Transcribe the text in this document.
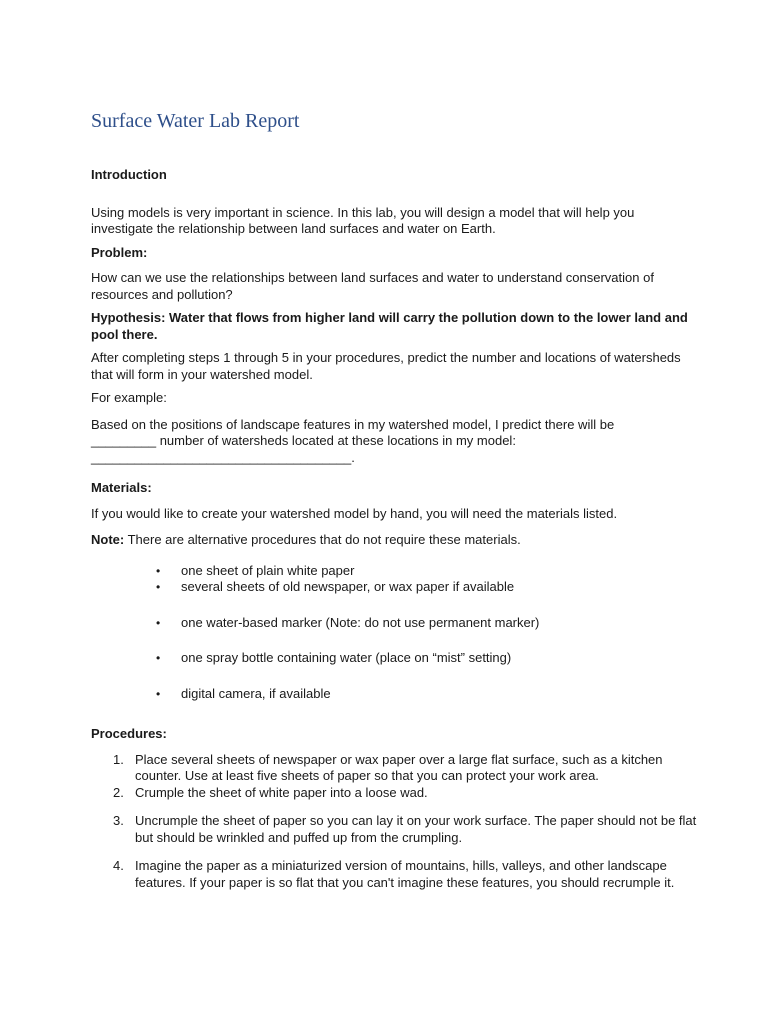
Surface Water Lab Report
Introduction

Using models is very important in science. In this lab, you will design a model that will help you investigate the relationship between land surfaces and water on Earth.

Problem:

How can we use the relationships between land surfaces and water to understand conservation of resources and pollution?

Hypothesis: Water that flows from higher land will carry the pollution down to the lower land and pool there.

After completing steps 1 through 5 in your procedures, predict the number and locations of watersheds that will form in your watershed model.

For example:

Based on the positions of landscape features in my watershed model, I predict there will be
_________ number of watersheds located at these locations in my model:
____________________________________.

Materials:

If you would like to create your watershed model by hand, you will need the materials listed.

Note: There are alternative procedures that do not require these materials.

• one sheet of plain white paper
• several sheets of old newspaper, or wax paper if available
• one water-based marker (Note: do not use permanent marker)
• one spray bottle containing water (place on “mist” setting)
• digital camera, if available

Procedures:

1. Place several sheets of newspaper or wax paper over a large flat surface, such as a kitchen counter. Use at least five sheets of paper so that you can protect your work area.
2. Crumple the sheet of white paper into a loose wad.
3. Uncrumple the sheet of paper so you can lay it on your work surface. The paper should not be flat but should be wrinkled and puffed up from the crumpling.
4. Imagine the paper as a miniaturized version of mountains, hills, valleys, and other landscape features. If your paper is so flat that you can't imagine these features, you should recrumple it.
